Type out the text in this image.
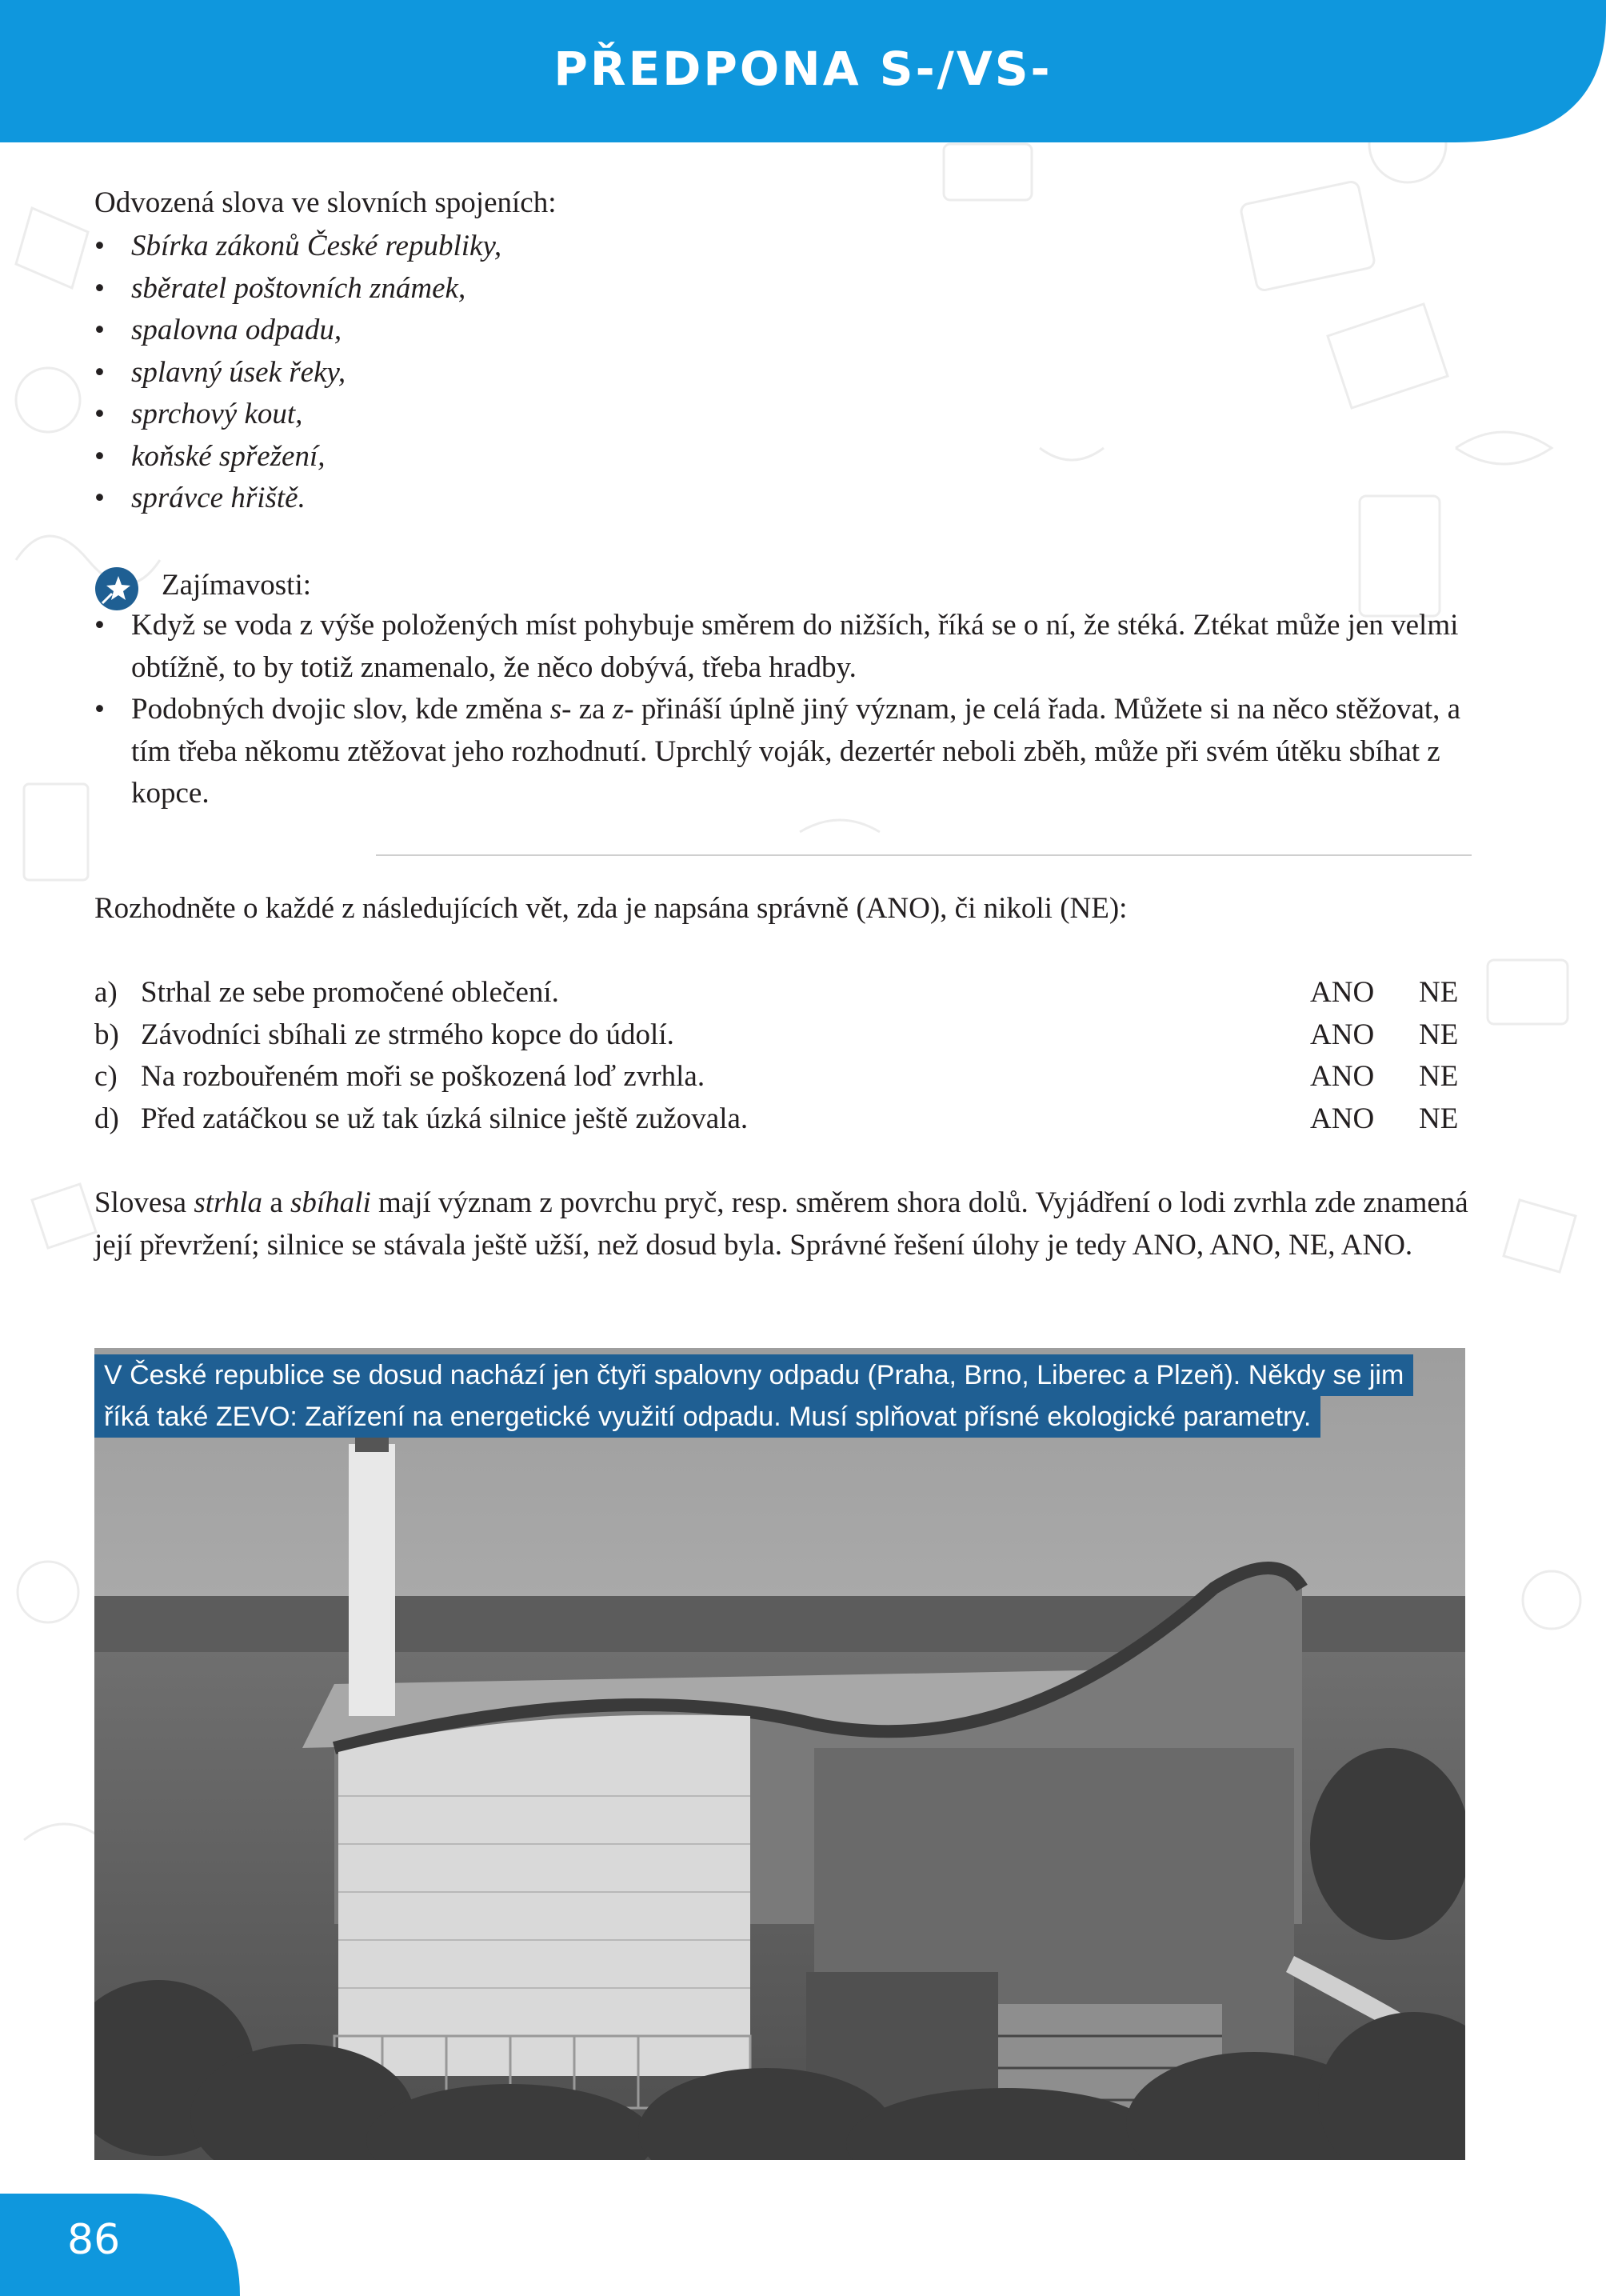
PŘEDPONA S-/VS-
Odvozená slova ve slovních spojeních:
• Sbírka zákonů České republiky,
• sběratel poštovních známek,
• spalovna odpadu,
• splavný úsek řeky,
• sprchový kout,
• koňské spřežení,
• správce hřiště.
Zajímavosti:
• Když se voda z výše položených míst pohybuje směrem do nižších, říká se o ní, že stéká. Ztékat může jen velmi obtížně, to by totiž znamenalo, že něco dobývá, třeba hradby.
• Podobných dvojic slov, kde změna s- za z- přináší úplně jiný význam, je celá řada. Můžete si na něco stěžovat, a tím třeba někomu ztěžovat jeho rozhodnutí. Uprchlý voják, dezertér neboli zběh, může při svém útěku sbíhat z kopce.
Rozhodněte o každé z následujících vět, zda je napsána správně (ANO), či nikoli (NE):
a) Strhal ze sebe promočené oblečení.	ANO NE
b) Závodníci sbíhali ze strmého kopce do údolí.	ANO NE
c) Na rozbouřeném moři se poškozená loď zvrhla.	ANO NE
d) Před zatáčkou se už tak úzká silnice ještě zužovala.	ANO NE
Slovesa strhla a sbíhali mají význam z povrchu pryč, resp. směrem shora dolů. Vyjádření o lodi zvrhla zde znamená její převržení; silnice se stávala ještě užší, než dosud byla. Správné řešení úlohy je tedy ANO, ANO, NE, ANO.
V České republice se dosud nachází jen čtyři spalovny odpadu (Praha, Brno, Liberec a Plzeň). Někdy se jim
říká také ZEVO: Zařízení na energetické využití odpadu. Musí splňovat přísné ekologické parametry.
86
